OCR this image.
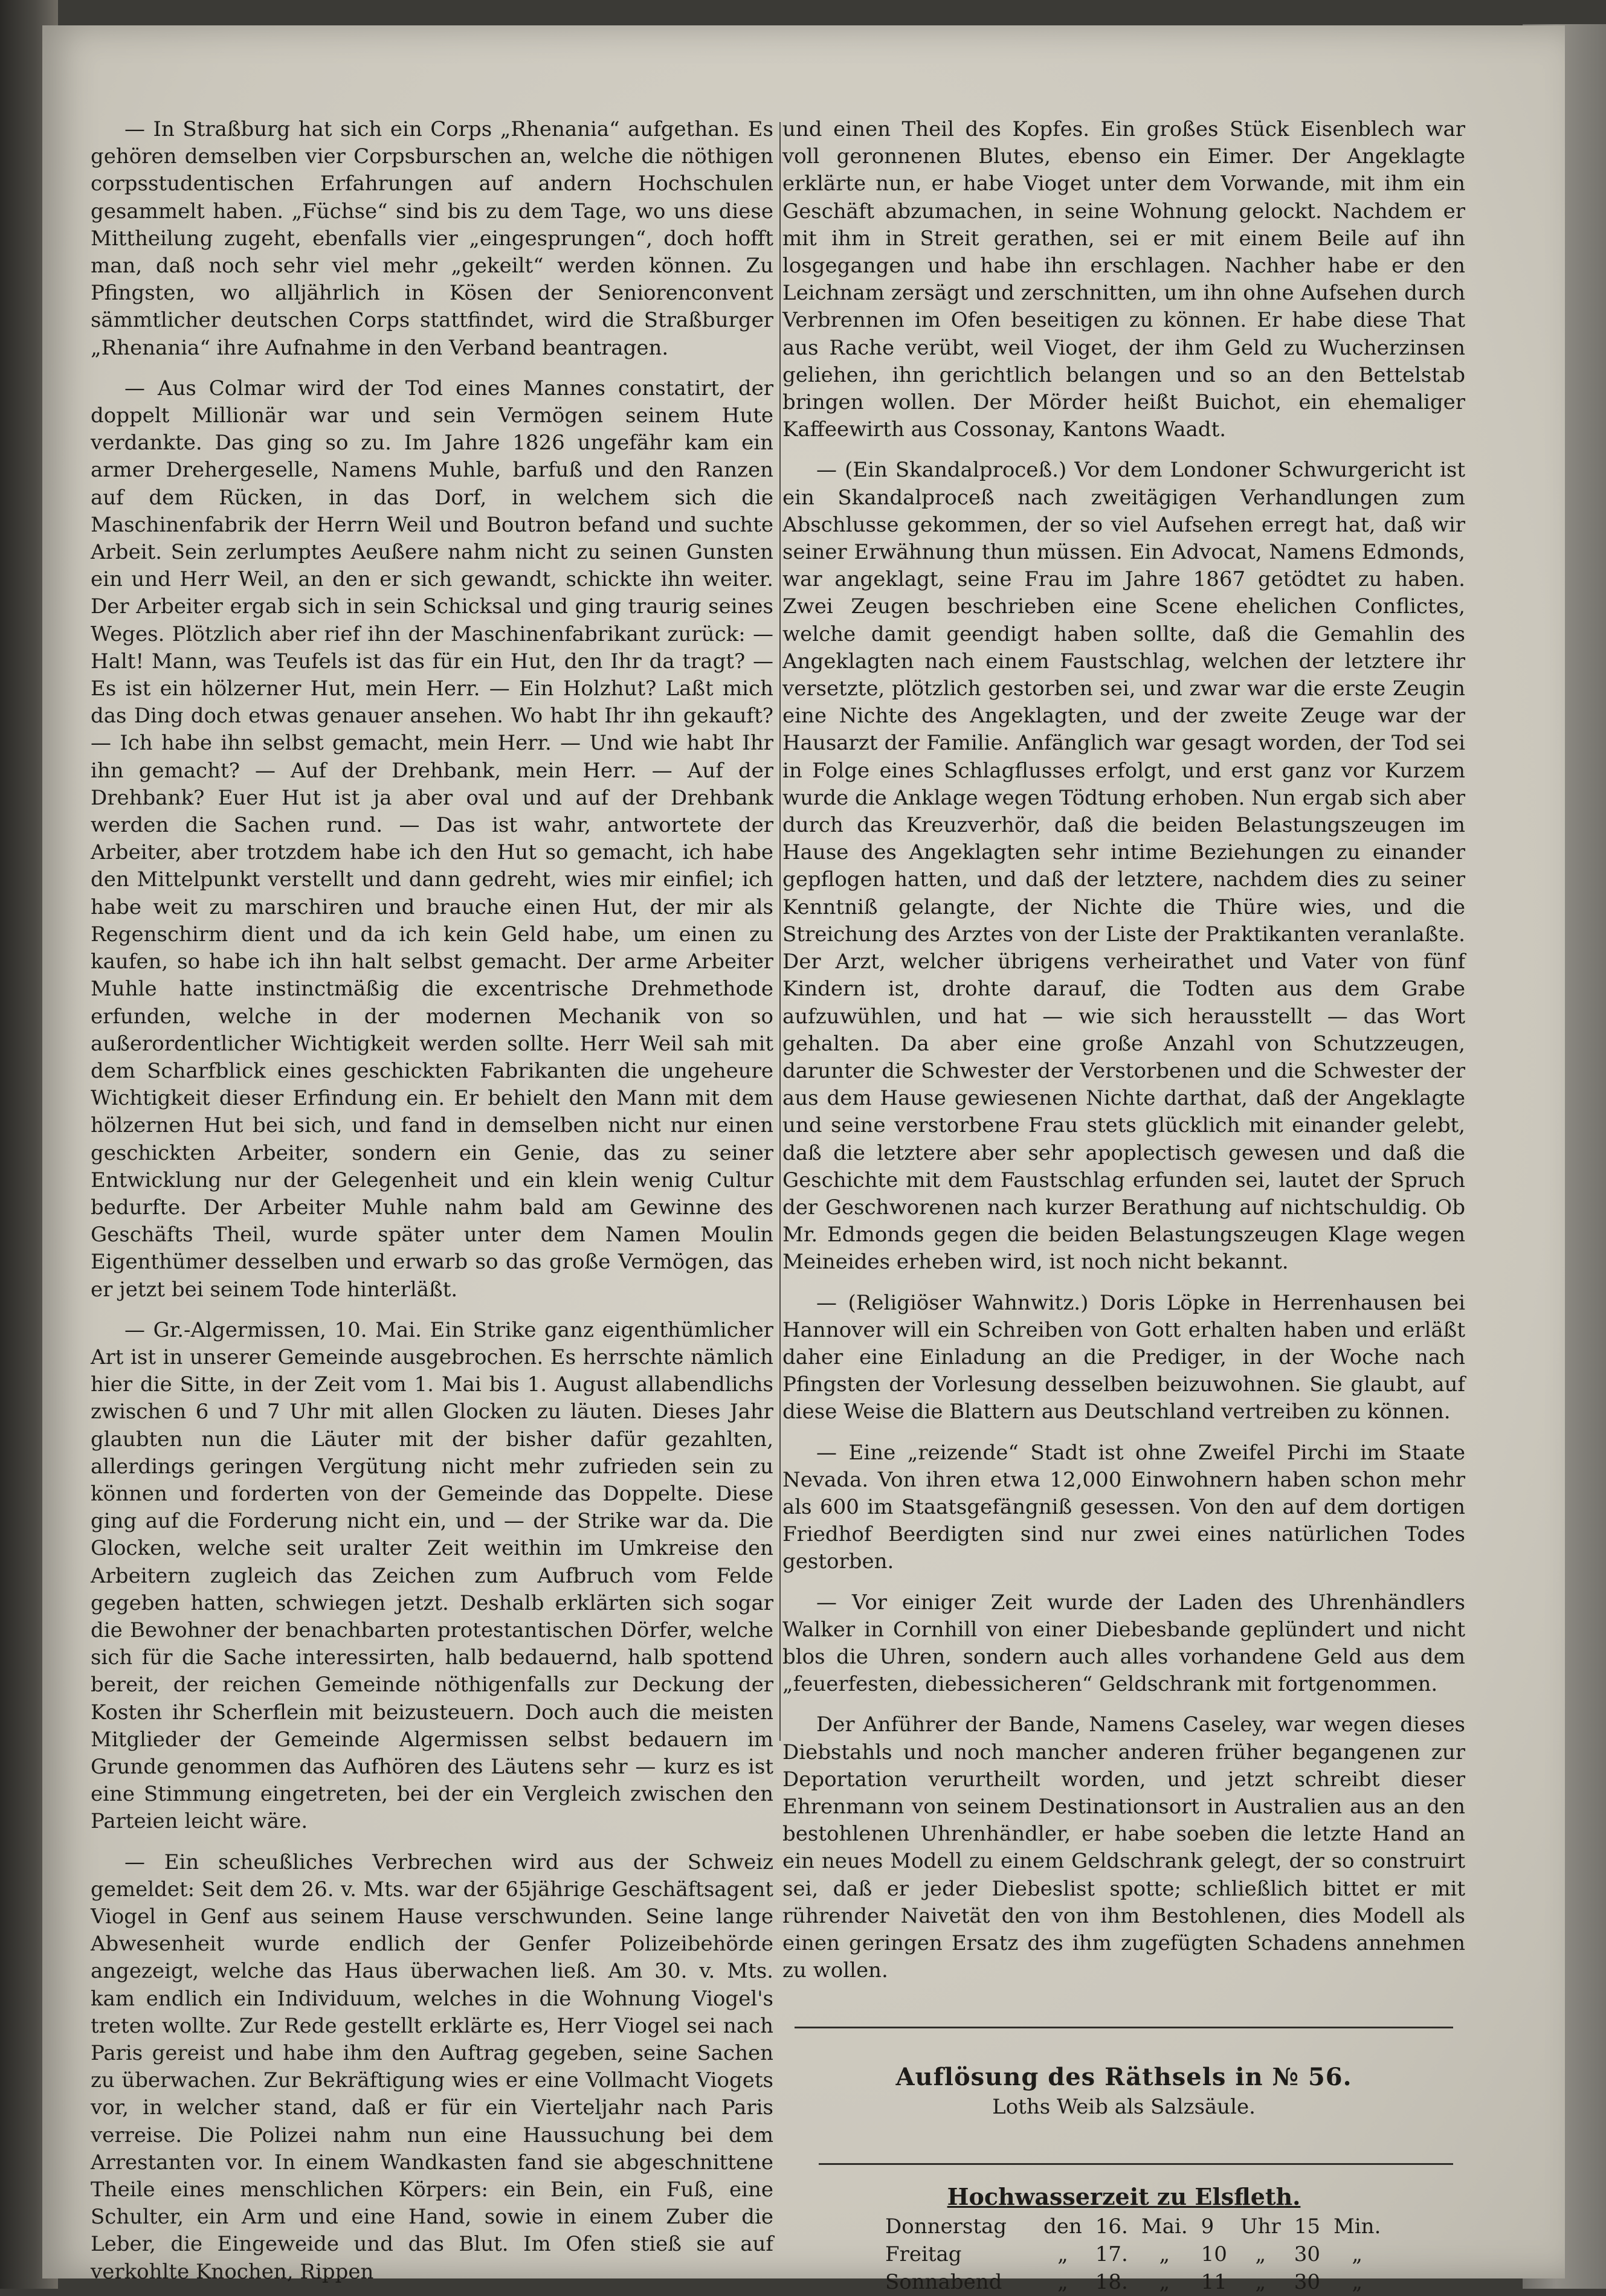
— In Straßburg hat sich ein Corps „Rhenania“ aufgethan. Es gehören demselben vier Corpsburschen an, welche die nöthigen corpsstudentischen Erfahrungen auf andern Hochschulen gesammelt haben. „Füchse“ sind bis zu dem Tage, wo uns diese Mittheilung zugeht, ebenfalls vier „eingesprungen“, doch hofft man, daß noch sehr viel mehr „gekeilt“ werden können. Zu Pfingsten, wo alljährlich in Kösen der Seniorenconvent sämmtlicher deutschen Corps stattfindet, wird die Straßburger „Rhenania“ ihre Aufnahme in den Verband beantragen.

— Aus Colmar wird der Tod eines Mannes constatirt, der doppelt Millionär war und sein Vermögen seinem Hute verdankte. Das ging so zu. Im Jahre 1826 ungefähr kam ein armer Drehergeselle, Namens Muhle, barfuß und den Ranzen auf dem Rücken, in das Dorf, in welchem sich die Maschinenfabrik der Herrn Weil und Boutron befand und suchte Arbeit. Sein zerlumptes Aeußere nahm nicht zu seinen Gunsten ein und Herr Weil, an den er sich gewandt, schickte ihn weiter. Der Arbeiter ergab sich in sein Schicksal und ging traurig seines Weges. Plötzlich aber rief ihn der Maschinenfabrikant zurück: — Halt! Mann, was Teufels ist das für ein Hut, den Ihr da tragt? — Es ist ein hölzerner Hut, mein Herr. — Ein Holzhut? Laßt mich das Ding doch etwas genauer ansehen. Wo habt Ihr ihn gekauft? — Ich habe ihn selbst gemacht, mein Herr. — Und wie habt Ihr ihn gemacht? — Auf der Drehbank, mein Herr. — Auf der Drehbank? Euer Hut ist ja aber oval und auf der Drehbank werden die Sachen rund. — Das ist wahr, antwortete der Arbeiter, aber trotzdem habe ich den Hut so gemacht, ich habe den Mittelpunkt verstellt und dann gedreht, wies mir einfiel; ich habe weit zu marschiren und brauche einen Hut, der mir als Regenschirm dient und da ich kein Geld habe, um einen zu kaufen, so habe ich ihn halt selbst gemacht. Der arme Arbeiter Muhle hatte instinctmäßig die excentrische Drehmethode erfunden, welche in der modernen Mechanik von so außerordentlicher Wichtigkeit werden sollte. Herr Weil sah mit dem Scharfblick eines geschickten Fabrikanten die ungeheure Wichtigkeit dieser Erfindung ein. Er behielt den Mann mit dem hölzernen Hut bei sich, und fand in demselben nicht nur einen geschickten Arbeiter, sondern ein Genie, das zu seiner Entwicklung nur der Gelegenheit und ein klein wenig Cultur bedurfte. Der Arbeiter Muhle nahm bald am Gewinne des Geschäfts Theil, wurde später unter dem Namen Moulin Eigenthümer desselben und erwarb so das große Vermögen, das er jetzt bei seinem Tode hinterläßt.

— Gr.-Algermissen, 10. Mai. Ein Strike ganz eigenthümlicher Art ist in unserer Gemeinde ausgebrochen. Es herrschte nämlich hier die Sitte, in der Zeit vom 1. Mai bis 1. August allabendlichs zwischen 6 und 7 Uhr mit allen Glocken zu läuten. Dieses Jahr glaubten nun die Läuter mit der bisher dafür gezahlten, allerdings geringen Vergütung nicht mehr zufrieden sein zu können und forderten von der Gemeinde das Doppelte. Diese ging auf die Forderung nicht ein, und — der Strike war da. Die Glocken, welche seit uralter Zeit weithin im Umkreise den Arbeitern zugleich das Zeichen zum Aufbruch vom Felde gegeben hatten, schwiegen jetzt. Deshalb erklärten sich sogar die Bewohner der benachbarten protestantischen Dörfer, welche sich für die Sache interessirten, halb bedauernd, halb spottend bereit, der reichen Gemeinde nöthigenfalls zur Deckung der Kosten ihr Scherflein mit beizusteuern. Doch auch die meisten Mitglieder der Gemeinde Algermissen selbst bedauern im Grunde genommen das Aufhören des Läutens sehr — kurz es ist eine Stimmung eingetreten, bei der ein Vergleich zwischen den Parteien leicht wäre.

— Ein scheußliches Verbrechen wird aus der Schweiz gemeldet: Seit dem 26. v. Mts. war der 65jährige Geschäftsagent Viogel in Genf aus seinem Hause verschwunden. Seine lange Abwesenheit wurde endlich der Genfer Polizeibehörde angezeigt, welche das Haus überwachen ließ. Am 30. v. Mts. kam endlich ein Individuum, welches in die Wohnung Viogel's treten wollte. Zur Rede gestellt erklärte es, Herr Viogel sei nach Paris gereist und habe ihm den Auftrag gegeben, seine Sachen zu überwachen. Zur Bekräftigung wies er eine Vollmacht Viogets vor, in welcher stand, daß er für ein Vierteljahr nach Paris verreise. Die Polizei nahm nun eine Haussuchung bei dem Arrestanten vor. In einem Wandkasten fand sie abgeschnittene Theile eines menschlichen Körpers: ein Bein, ein Fuß, eine Schulter, ein Arm und eine Hand, sowie in einem Zuber die Leber, die Eingeweide und das Blut. Im Ofen stieß sie auf verkohlte Knochen, Rippen

und einen Theil des Kopfes. Ein großes Stück Eisenblech war voll geronnenen Blutes, ebenso ein Eimer. Der Angeklagte erklärte nun, er habe Vioget unter dem Vorwande, mit ihm ein Geschäft abzumachen, in seine Wohnung gelockt. Nachdem er mit ihm in Streit gerathen, sei er mit einem Beile auf ihn losgegangen und habe ihn erschlagen. Nachher habe er den Leichnam zersägt und zerschnitten, um ihn ohne Aufsehen durch Verbrennen im Ofen beseitigen zu können. Er habe diese That aus Rache verübt, weil Vioget, der ihm Geld zu Wucherzinsen geliehen, ihn gerichtlich belangen und so an den Bettelstab bringen wollen. Der Mörder heißt Buichot, ein ehemaliger Kaffeewirth aus Cossonay, Kantons Waadt.

— (Ein Skandalproceß.) Vor dem Londoner Schwurgericht ist ein Skandalproceß nach zweitägigen Verhandlungen zum Abschlusse gekommen, der so viel Aufsehen erregt hat, daß wir seiner Erwähnung thun müssen. Ein Advocat, Namens Edmonds, war angeklagt, seine Frau im Jahre 1867 getödtet zu haben. Zwei Zeugen beschrieben eine Scene ehelichen Conflictes, welche damit geendigt haben sollte, daß die Gemahlin des Angeklagten nach einem Faustschlag, welchen der letztere ihr versetzte, plötzlich gestorben sei, und zwar war die erste Zeugin eine Nichte des Angeklagten, und der zweite Zeuge war der Hausarzt der Familie. Anfänglich war gesagt worden, der Tod sei in Folge eines Schlagflusses erfolgt, und erst ganz vor Kurzem wurde die Anklage wegen Tödtung erhoben. Nun ergab sich aber durch das Kreuzverhör, daß die beiden Belastungszeugen im Hause des Angeklagten sehr intime Beziehungen zu einander gepflogen hatten, und daß der letztere, nachdem dies zu seiner Kenntniß gelangte, der Nichte die Thüre wies, und die Streichung des Arztes von der Liste der Praktikanten veranlaßte. Der Arzt, welcher übrigens verheirathet und Vater von fünf Kindern ist, drohte darauf, die Todten aus dem Grabe aufzuwühlen, und hat — wie sich herausstellt — das Wort gehalten. Da aber eine große Anzahl von Schutzzeugen, darunter die Schwester der Verstorbenen und die Schwester der aus dem Hause gewiesenen Nichte darthat, daß der Angeklagte und seine verstorbene Frau stets glücklich mit einander gelebt, daß die letztere aber sehr apoplectisch gewesen und daß die Geschichte mit dem Faustschlag erfunden sei, lautet der Spruch der Geschworenen nach kurzer Berathung auf nichtschuldig. Ob Mr. Edmonds gegen die beiden Belastungszeugen Klage wegen Meineides erheben wird, ist noch nicht bekannt.

— (Religiöser Wahnwitz.) Doris Löpke in Herrenhausen bei Hannover will ein Schreiben von Gott erhalten haben und erläßt daher eine Einladung an die Prediger, in der Woche nach Pfingsten der Vorlesung desselben beizuwohnen. Sie glaubt, auf diese Weise die Blattern aus Deutschland vertreiben zu können.

— Eine „reizende“ Stadt ist ohne Zweifel Pirchi im Staate Nevada. Von ihren etwa 12,000 Einwohnern haben schon mehr als 600 im Staatsgefängniß gesessen. Von den auf dem dortigen Friedhof Beerdigten sind nur zwei eines natürlichen Todes gestorben.

— Vor einiger Zeit wurde der Laden des Uhrenhändlers Walker in Cornhill von einer Diebesbande geplündert und nicht blos die Uhren, sondern auch alles vorhandene Geld aus dem „feuerfesten, diebessicheren“ Geldschrank mit fortgenommen.

Der Anführer der Bande, Namens Caseley, war wegen dieses Diebstahls und noch mancher anderen früher begangenen zur Deportation verurtheilt worden, und jetzt schreibt dieser Ehrenmann von seinem Destinationsort in Australien aus an den bestohlenen Uhrenhändler, er habe soeben die letzte Hand an ein neues Modell zu einem Geldschrank gelegt, der so construirt sei, daß er jeder Diebeslist spotte; schließlich bittet er mit rührender Naivetät den von ihm Bestohlenen, dies Modell als einen geringen Ersatz des ihm zugefügten Schadens annehmen zu wollen.

Auflösung des Räthsels in № 56.
Loths Weib als Salzsäule.
Hochwasserzeit zu Elsfleth.
Donnerstag	den	16.	Mai.	9	Uhr	15	Min.
Freitag	„	17.	„	10	„	30	„
Sonnabend	„	18.	„	11	„	30	„
